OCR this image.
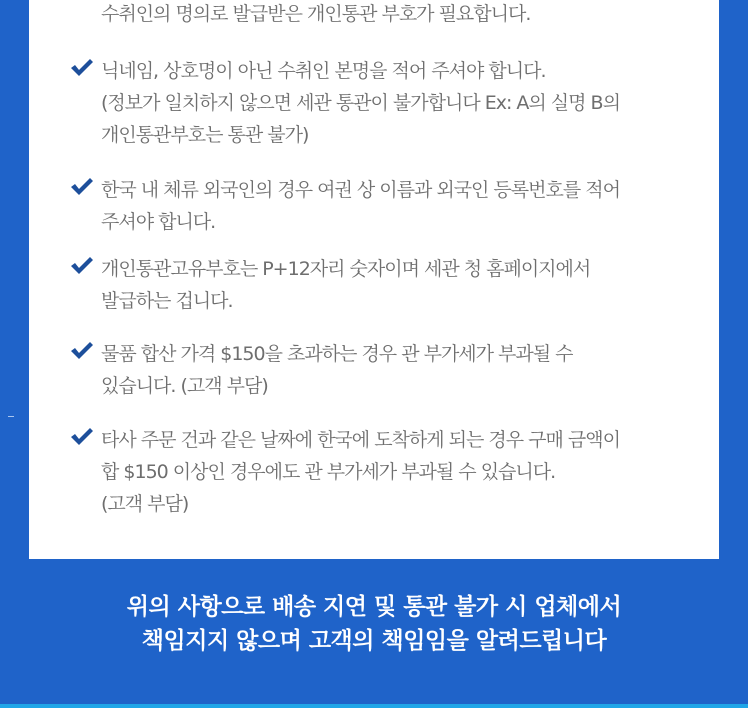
수취인의 명의로 발급받은 개인통관 부호가 필요합니다.
닉네임, 상호명이 아닌 수취인 본명을 적어 주셔야 합니다.
(정보가 일치하지 않으면 세관 통관이 불가합니다 Ex: A의 실명 B의
개인통관부호는 통관 불가)
한국 내 체류 외국인의 경우 여권 상 이름과 외국인 등록번호를 적어
주셔야 합니다.
개인통관고유부호는 P+12자리 숫자이며 세관 청 홈페이지에서
발급하는 겁니다.
물품 합산 가격 $150을 초과하는 경우 관 부가세가 부과될 수
있습니다. (고객 부담)
타사 주문 건과 같은 날짜에 한국에 도착하게 되는 경우 구매 금액이
합 $150 이상인 경우에도 관 부가세가 부과될 수 있습니다.
(고객 부담)
위의 사항으로 배송 지연 및 통관 불가 시 업체에서
책임지지 않으며 고객의 책임임을 알려드립니다
